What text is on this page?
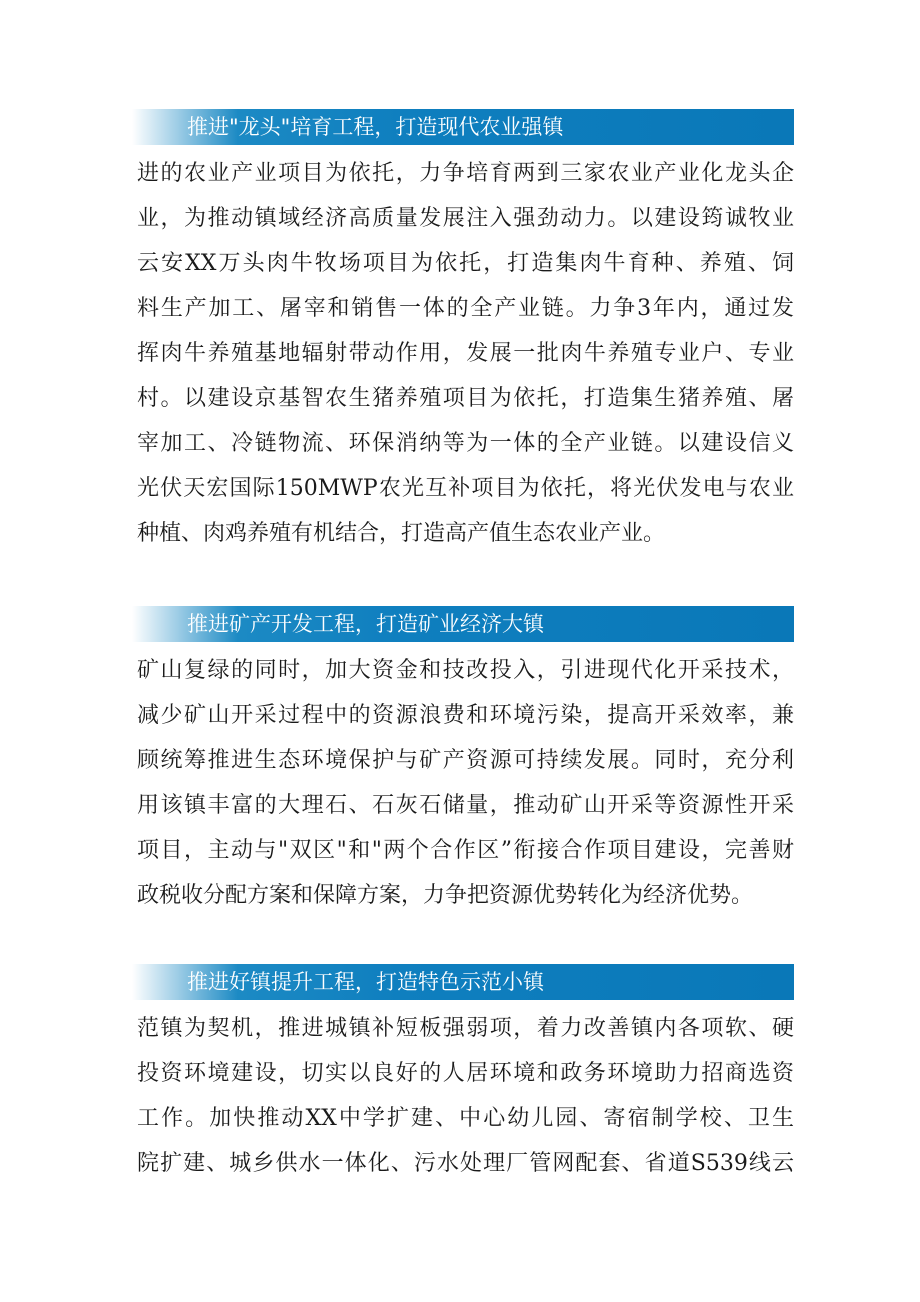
推进"龙头"培育工程，打造现代农业强镇
进的农业产业项目为依托，力争培育两到三家农业产业化龙头企
业，为推动镇域经济高质量发展注入强劲动力。以建设筠诚牧业
云安XX万头肉牛牧场项目为依托，打造集肉牛育种、养殖、饲
料生产加工、屠宰和销售一体的全产业链。力争3年内，通过发
挥肉牛养殖基地辐射带动作用，发展一批肉牛养殖专业户、专业
村。以建设京基智农生猪养殖项目为依托，打造集生猪养殖、屠
宰加工、冷链物流、环保消纳等为一体的全产业链。以建设信义
光伏天宏国际150MWP农光互补项目为依托，将光伏发电与农业
种植、肉鸡养殖有机结合，打造高产值生态农业产业。
推进矿产开发工程，打造矿业经济大镇
矿山复绿的同时，加大资金和技改投入，引进现代化开采技术，
减少矿山开采过程中的资源浪费和环境污染，提高开采效率，兼
顾统筹推进生态环境保护与矿产资源可持续发展。同时，充分利
用该镇丰富的大理石、石灰石储量，推动矿山开采等资源性开采
项目，主动与"双区"和"两个合作区”衔接合作项目建设，完善财
政税收分配方案和保障方案，力争把资源优势转化为经济优势。
推进好镇提升工程，打造特色示范小镇
范镇为契机，推进城镇补短板强弱项，着力改善镇内各项软、硬
投资环境建设，切实以良好的人居环境和政务环境助力招商选资
工作。加快推动XX中学扩建、中心幼儿园、寄宿制学校、卫生
院扩建、城乡供水一体化、污水处理厂管网配套、省道S539线云
